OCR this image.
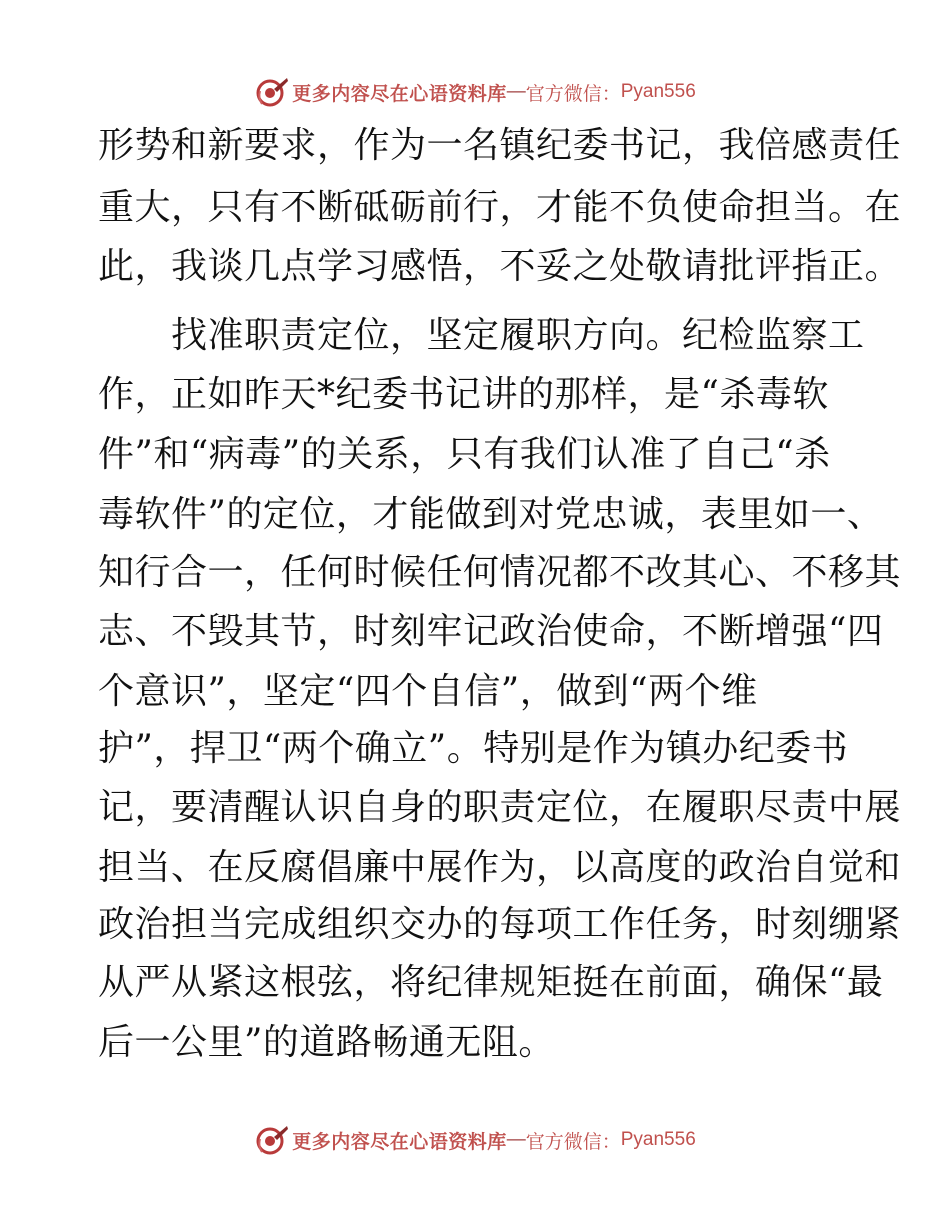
更多内容尽在心语资料库 — 官方微信： Pyan556
形势和新要求，作为一名镇纪委书记，我倍感责任
重大，只有不断砥砺前行，才能不负使命担当。在
此，我谈几点学习感悟，不妥之处敬请批评指正。
　　找准职责定位，坚定履职方向。纪检监察工
作，正如昨天*纪委书记讲的那样，是“杀毒软
件”和“病毒”的关系，只有我们认准了自己“杀
毒软件”的定位，才能做到对党忠诚，表里如一、
知行合一，任何时候任何情况都不改其心、不移其
志、不毁其节，时刻牢记政治使命，不断增强“四
个意识”，坚定“四个自信”，做到“两个维
护”，捍卫“两个确立”。特别是作为镇办纪委书
记，要清醒认识自身的职责定位，在履职尽责中展
担当、在反腐倡廉中展作为，以高度的政治自觉和
政治担当完成组织交办的每项工作任务，时刻绷紧
从严从紧这根弦，将纪律规矩挺在前面，确保“最
后一公里”的道路畅通无阻。
更多内容尽在心语资料库 — 官方微信： Pyan556
